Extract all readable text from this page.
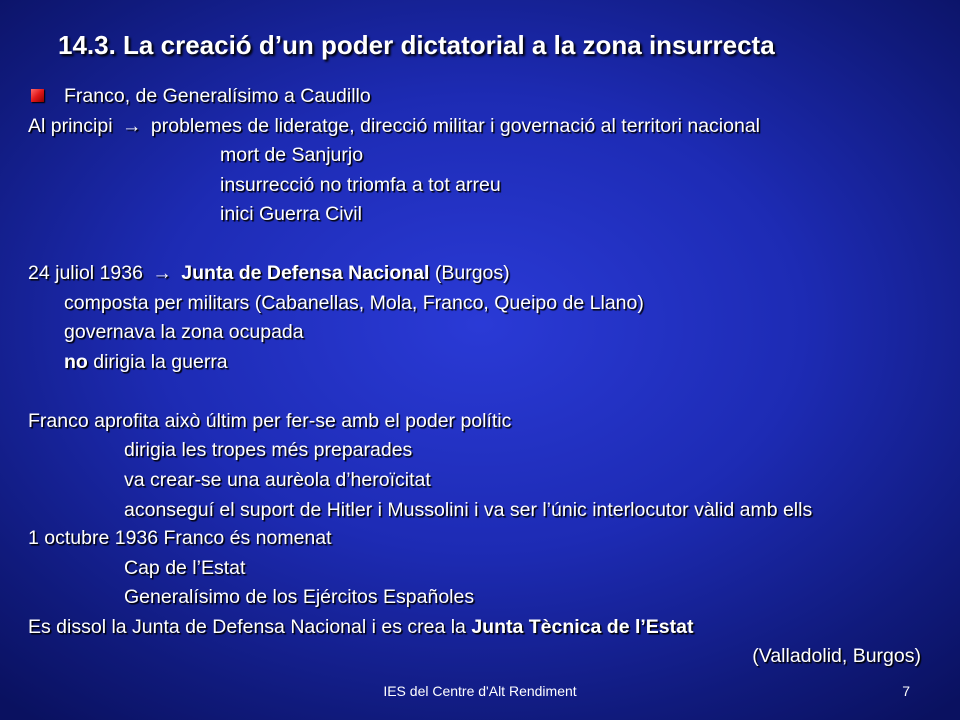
14.3. La creació d’un poder dictatorial a la zona insurrecta
Franco, de Generalísimo a Caudillo
Al principi → problemes de lideratge, direcció militar i governació al territori nacional
mort de Sanjurjo
insurrecció no triomfa a tot arreu
inici Guerra Civil
24 juliol 1936 → Junta de Defensa Nacional (Burgos)
composta per militars (Cabanellas, Mola, Franco, Queipo de Llano)
governava la zona ocupada
no dirigia la guerra
Franco aprofita això últim per fer-se amb el poder polític
dirigia les tropes més preparades
va crear-se una aurèola d’heroïcitat
aconseguí el suport de Hitler i Mussolini i va ser l’únic interlocutor vàlid amb ells
1 octubre 1936 Franco és nomenat
Cap de l’Estat
Generalísimo de los Ejércitos Españoles
Es dissol la Junta de Defensa Nacional i es crea la Junta Tècnica de l’Estat
(Valladolid, Burgos)
IES del Centre d'Alt Rendiment	7
